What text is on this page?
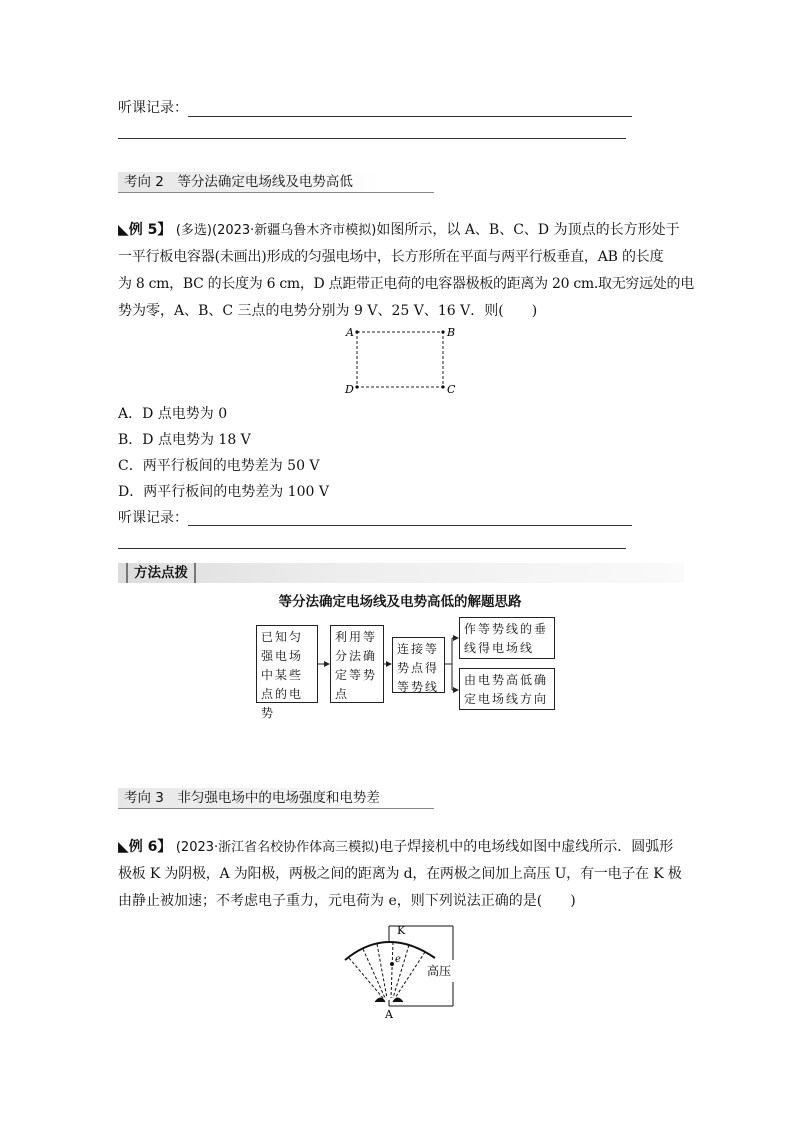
听课记录：
考向 2　等分法确定电场线及电势高低
◣例 5】 (多选)(2023·新疆乌鲁木齐市模拟)如图所示，以 A、B、C、D 为顶点的长方形处于
一平行板电容器(未画出)形成的匀强电场中，长方形所在平面与两平行板垂直，AB 的长度
为 8 cm，BC 的长度为 6 cm，D 点距带正电荷的电容器极板的距离为 20 cm.取无穷远处的电
势为零，A、B、C 三点的电势分别为 9 V、25 V、16 V．则(　　)
A	B
C
D
A．D 点电势为 0
B．D 点电势为 18 V
C．两平行板间的电势差为 50 V
D．两平行板间的电势差为 100 V
听课记录：
方法点拨
等分法确定电场线及电势高低的解题思路
已知匀强电场中某些点的电势
利用等分法确定等势点
连接等势点得等势线
作等势线的垂线得电场线
由电势高低确定电场线方向
考向 3　非匀强电场中的电场强度和电势差
◣例 6】 (2023·浙江省名校协作体高三模拟)电子焊接机中的电场线如图中虚线所示．圆弧形
极板 K 为阴极，A 为阳极，两极之间的距离为 d，在两极之间加上高压 U，有一电子在 K 极
由静止被加速；不考虑电子重力，元电荷为 e，则下列说法正确的是(　　)
K
e
高压
A
